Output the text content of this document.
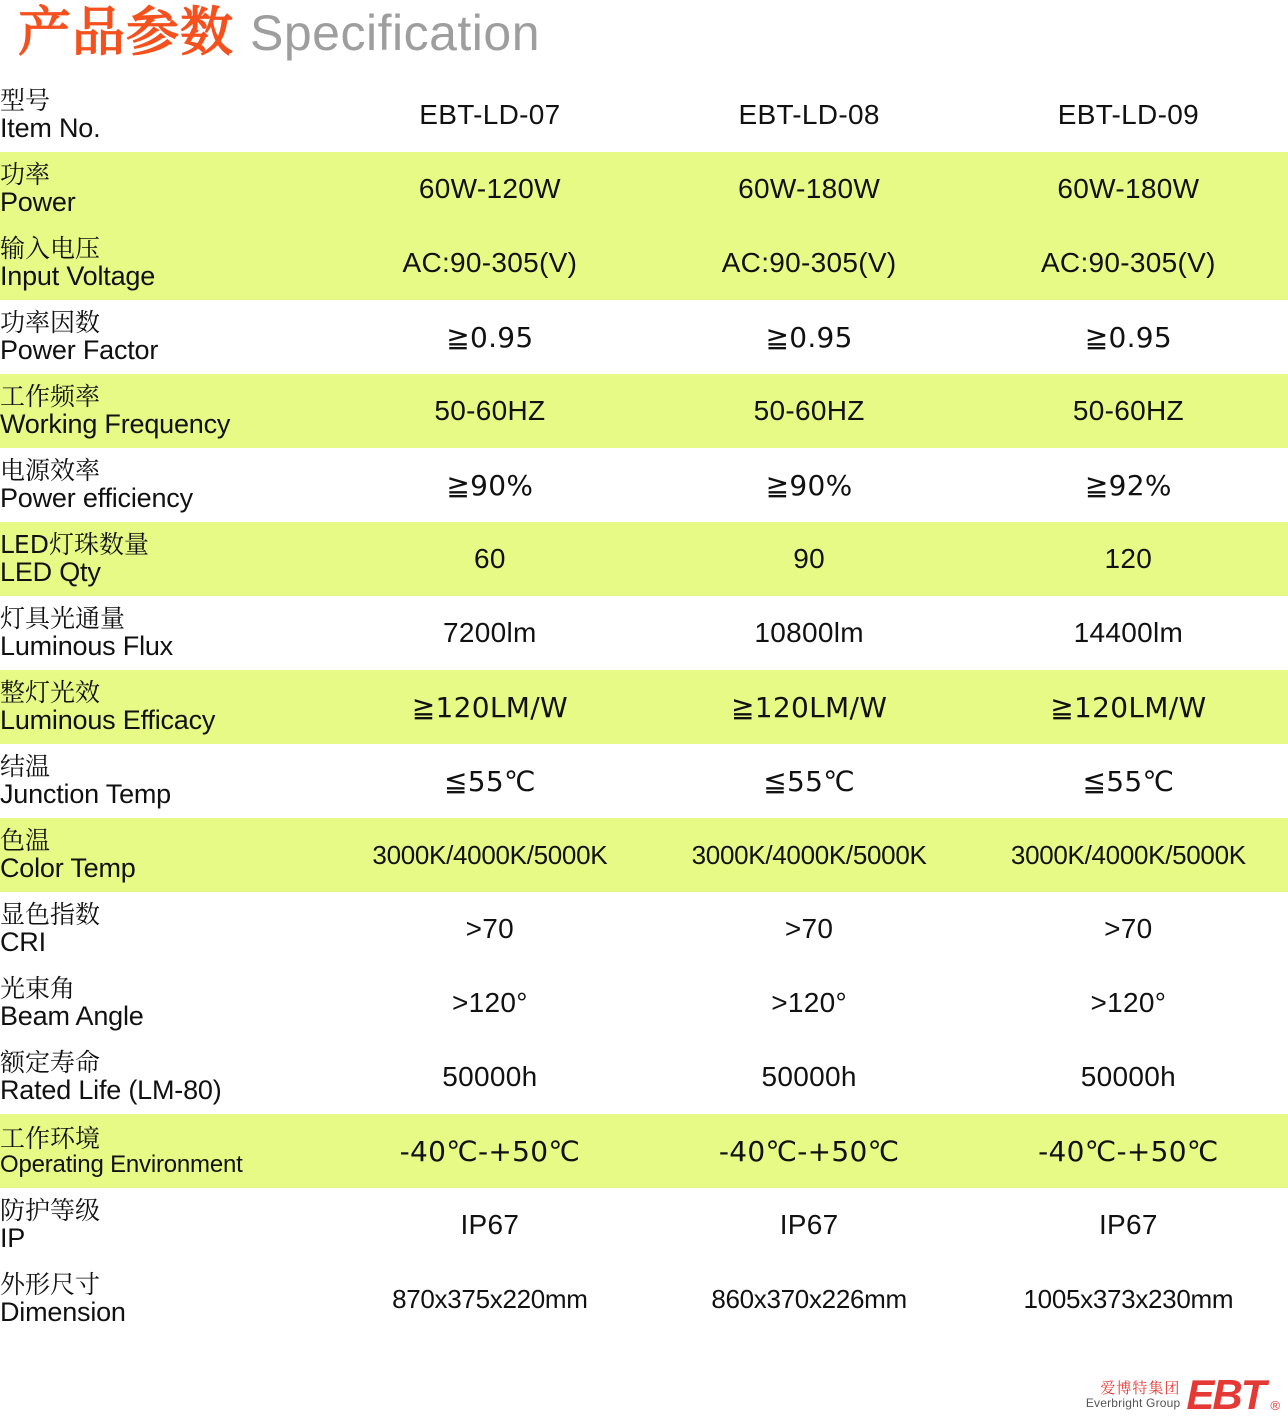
产品参数 Specification
型号
Item No.	EBT-LD-07	EBT-LD-08	EBT-LD-09

功率
Power	60W-120W	60W-180W	60W-180W

输入电压
Input Voltage	AC:90-305(V)	AC:90-305(V)	AC:90-305(V)

功率因数
Power Factor	≧0.95	≧0.95	≧0.95

工作频率
Working Frequency	50-60HZ	50-60HZ	50-60HZ

电源效率
Power efficiency	≧90%	≧90%	≧92%

LED灯珠数量
LED Qty	60	90	120

灯具光通量
Luminous Flux	7200lm	10800lm	14400lm

整灯光效
Luminous Efficacy	≧120LM/W	≧120LM/W	≧120LM/W

结温
Junction Temp	≦55℃	≦55℃	≦55℃

色温
Color Temp	3000K/4000K/5000K	3000K/4000K/5000K	3000K/4000K/5000K

显色指数
CRI	>70	>70	>70

光束角
Beam Angle	>120°	>120°	>120°

额定寿命
Rated Life (LM-80)	50000h	50000h	50000h

工作环境
Operating Environment	-40℃-+50℃	-40℃-+50℃	-40℃-+50℃

防护等级
IP	IP67	IP67	IP67

外形尺寸
Dimension	870x375x220mm	860x370x226mm	1005x373x230mm
爱博特集团
Everbright Group EBT ®
